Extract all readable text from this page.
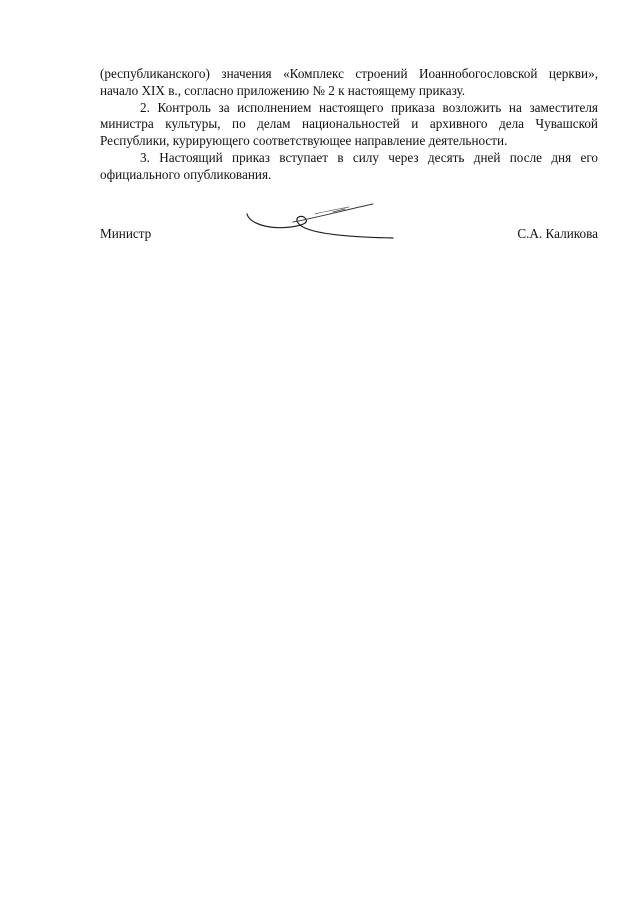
(республиканского) значения «Комплекс строений Иоаннобогословской церкви», начало XIX в., согласно приложению № 2 к настоящему приказу.

2. Контроль за исполнением настоящего приказа возложить на заместителя министра культуры, по делам национальностей и архивного дела Чувашской Республики, курирующего соответствующее направление деятельности.

3. Настоящий приказ вступает в силу через десять дней после дня его официального опубликования.

Министр	С.А. Каликова
